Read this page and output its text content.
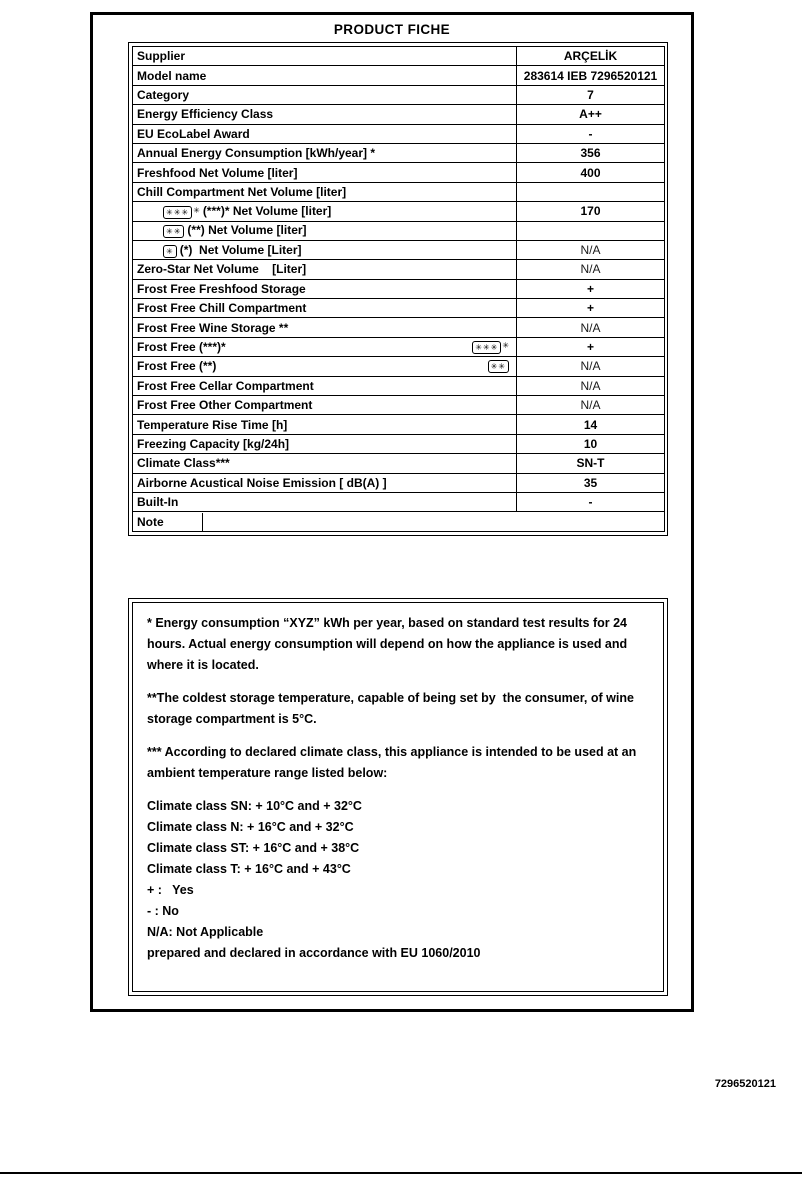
PRODUCT FICHE
Supplier	ARÇELİK

Model name	283614 IEB 7296520121

Category	7

Energy Efficiency Class	A++

EU EcoLabel Award	-

Annual Energy Consumption [kWh/year] *	356

Freshfood Net Volume [liter]	400

Chill Compartment Net Volume [liter]	

✳✳✳ ✳ (***)* Net Volume [liter]	170

✳✳ (**) Net Volume [liter]	

✳ (*)  Net Volume [Liter]	N/A

Zero-Star Net Volume    [Liter]	N/A

Frost Free Freshfood Storage	+

Frost Free Chill Compartment	+

Frost Free Wine Storage **	N/A

Frost Free (***)* ✳✳✳ ✳	+

Frost Free (**) ✳✳	N/A

Frost Free Cellar Compartment	N/A

Frost Free Other Compartment	N/A

Temperature Rise Time [h]	14

Freezing Capacity [kg/24h]	10

Climate Class***	SN-T

Airborne Acustical Noise Emission [ dB(A) ]	35

Built-In	-

Note	
* Energy consumption “XYZ” kWh per year, based on standard test results for 24 hours. Actual energy consumption will depend on how the appliance is used and where it is located.
**The coldest storage temperature, capable of being set by  the consumer, of wine storage compartment is 5°C.
*** According to declared climate class, this appliance is intended to be used at an ambient temperature range listed below:
Climate class SN: + 10°C and + 32°C
Climate class N: + 16°C and + 32°C
Climate class ST: + 16°C and + 38°C
Climate class T: + 16°C and + 43°C
+ :   Yes
- : No
N/A: Not Applicable
prepared and declared in accordance with EU 1060/2010
7296520121
